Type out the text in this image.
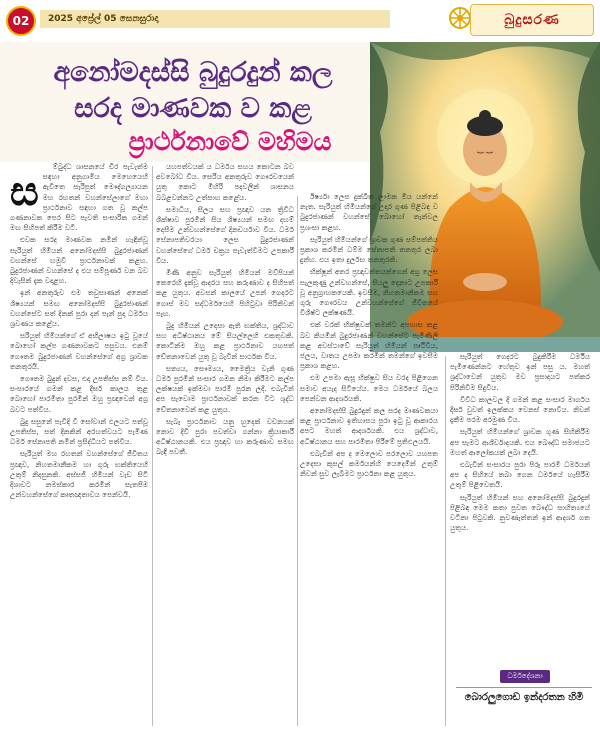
02	2025 අප්‍රේල් 05 සෙනසුරාදා	බුදුසරණ
අනෝමදස්සි බුදුරදුන් කල
සරද මාණවක ව කළ
ප්‍රාර්ථනාවේ මහිමය
ස

ම්බුද්ධ ශාසනයේ චිර පැවැත්ම සඳහා අනුගාමිය මෙහෙයෙහි ඇවිතෙ සැරිපුත් මෞද්ගල්‍යායන මහ රහතන් වහන්සේලාගේ මහා ප්‍රාර්ථනාව සඳහා ගත වූ කල්ප ගණනාවක පෙර සිට පැවති සංසාරික ගමන් මඟ සිහිපත් කිරීම වටී.

එවක සරද මාණවක නමින් හැඳින්වූ සැරියුත් හිමියන් අනෝමදස්සි බුදුරජාණන් වහන්සේ හමුවී ප්‍රාර්ථනාවක් කළහ. බුදුරජාණන් වහන්සේ ද එය සම්පූර්ණ වන බව දිවැසින් දැක වදාළහ.

ඉන් අනතුරුව එම තවුසාණන් අනෙක් ශිෂ්‍යයන් සමඟ අනෝමදස්සි බුදුරජාණන් වහන්සේට සත් දිනක් පුරා දන් පැන් පුදා ධර්මය ශ්‍රවණය කළේය.

සරියුත් හිමියන්ගේ ඒ අභිලාෂය ඉටු වූයේ බොහෝ කල්ප ගණනාවකට පසුවය. එනම් ගෞතම බුදුරජාණන් වහන්සේගේ අග්‍ර ශ්‍රාවක තනතුරයි.

ගෞතම බුදුන් දවස, එදා උපතිස්ස නම් විය. සංසාරයේ ගමන් කළ දීර්ඝ කාලය තුළ බොහෝ පාරමිතා පුරමින් ඔහු ප්‍රඥාවෙන් අග්‍ර බවට පත්විය.

බුදු සසුනේ පැවිදි වී සෝවාන් ඵලයට පත්වූ උපතිස්ස, සත් දිනකින් අරහත්වයට පැමිණ ධර්ම සේනාපති නමින් ප්‍රසිද්ධියට පත්විය.

සැරියුත් මහ රහතන් වහන්සේගේ ජීවිතය ප්‍රඥාව, නිහතමානීකම හා ගුරු භක්තියෙහි උතුම් නිදසුනකි. අස්සජි හිමියන් වැඩ සිටි දිශාවට නමස්කාර කරමින් සැතපීම උන්වහන්සේගේ කෘතඥතාවය පෙන්වයි.

යහපත්වයක් ය ධර්මය සහය කොටන බව අවබෝධ විය. සෙරිය අනතුරුව ගෞරවයෙන් යුතු කොට මිහිරි පදවලින් ශාසනය බබළවන්නට උත්සාහ කළේය.

සමාධිය, සීලය සහ ප්‍රඥාව යන ත්‍රිවිධ ශික්ෂාව පුරමින් සිය ශිෂ්‍යයන් සමඟ දහම් දෙසීම උන්වහන්සේගේ දිනචර්යාව විය. ධර්ම සේනාපතිවරයා ලෙස බුදුරජාණන් වහන්සේගේ ධර්ම චක්‍රය පැවැත්වීමට උපකාරී විය.

මිණි අනුව සැරියුත් හිමියන් මව්පියන් කෙරෙහි දැක්වූ ආදරය සහ කරුණාව ද සිහිපත් කළ යුතුය. අවසන් කාලයේ උපන් ගෙදරට ගොස් මව සද්ධර්මයෙහි පිහිටුවා පිරිනිවන් පෑහ.

බුදු හිමියන් උදෙසා ඇති භක්තිය, ශ්‍රද්ධාව සහ අධිෂ්ඨානය මේ සියල්ලෙහි එකතුවකි. කොටින්ම ඔහු කළ ප්‍රාර්ථනාව යහපත් චේතනාවෙන් යුතු වූ බැවින් සාර්ථක විය.

සත්‍යය, සෞම්‍යය, මෛත්‍රිය වැනි ගුණ ධර්ම පුරමින් සංසාර ගමන නිමා කිරීමට කල්ප ලක්ෂයක් ඉක්මවා පාරමී පුරන ලදී. එබැවින් අප සැවොම ප්‍රාර්ථනාවක් කරන විට ශුද්ධ චේතනාවෙන් කළ යුතුය.

සැබෑ ප්‍රාර්ථනාව යනු හුදෙක් වචනයක් නොව දිවි පුරා පවත්වා ගන්නා ක්‍රියාකාරී අධිෂ්ඨානයකි. එය ප්‍රඥාව හා කරුණාව සමඟ බැඳී පවතී.

ඊර්ෂ්‍යා ලෙස දුක්ඛිත ලාමක මිය යන්නේ නැත. සැරියුත් හිමියන්ගේ උදාර ගුණ පිළිබඳ ව බුදුරජාණන් වහන්සේ බොහෝ තැන්වල ප්‍රශංසා කළහ.

සැරියුත් හිමියන්ගේ ශ්‍රාවක ගුණ සම්පත්තිය ප්‍රකාශ කරමින් ධම්ම සේනාපති තනතුර ලබා දුන්හ. එය ඉතා දුර්ලභ තනතුරකි.

භික්ෂූන් අතර ප්‍රඥාවන්තයන්ගෙන් අග්‍ර ලෙස සැලකුණු උන්වහන්සේ, සියලු දෙනාට උපකාරී වූ අනුග්‍රාහකයෙකි. ඉවසීම, නිහතමානීකම සහ ගුරු ගෞරවය උන්වහන්සේගේ ජීවිතයේ විශිෂ්ට ලක්ෂණයි.

එක් වරක් භික්ෂුවක් තමන්ට අපහාස කළ බව කියමින් බුදුරජාණන් වහන්සේට පැමිණිලි කළ අවස්ථාවේ සැරියුත් හිමියන් පෘථිවිය, ජලය, වාතය උපමා කරමින් තමන්ගේ ඉවසීම ප්‍රකාශ කළහ.

එම උපමා ඇසූ භික්ෂුව සිය වරද පිළිගෙන සමාව අයැද සිටියේය. මෙය ධර්මයේ බලය පෙන්වන ආදර්ශයකි.

අනෝමදස්සි බුදුරදුන් කල සරද මාණවකයා කළ ප්‍රාර්ථනාව ඉතිහාසය පුරා ඉටු වූ ආකාරය අපට මහත් ආදර්ශයකි. එය ශ්‍රද්ධාව, අධිෂ්ඨානය සහ පාරමිතා පිරීමේ ප්‍රතිඵලයයි.

එබැවින් අප ද මෙලොව පරලොව යහපත උදෙසා කුසල් කර්මයන්හි යෙදෙමින් උතුම් නිවන් සුව ලැබීමට ප්‍රාර්ථනා කළ යුතුය.

සැරියුත් ගෙදරට බුදුකිරීම ධර්මිය පැමිණෙන්නට හේතුව ඉන් පසු ය. මහත් ශ්‍රද්ධාවෙන් යුතුව මව ප්‍රසාදයට පත්කර පිරිනිවීම සිදුවිය.

විවිධ කාලවල දී ගමන් කළ සංසාර මාර්ගය දීර්ඝ වුවත් ඉලක්කය වෙනස් නොවීය. නිවන් දැකීම පරම අරමුණ විය.

සැරියුත් හිමියන්ගේ ශ්‍රාවක ගුණ සිහිකිරීම අප සැමට ආශීර්වාදයකි. එය බෞද්ධ සමාජයට මහත් ආලෝකයක් ලබා දෙයි.

එබැවින් සංසාරය පුරා පිරූ පාරමී ධර්මයන් අප ද සිහියේ තබා ගෙන ධර්මයේ හැසිරීම උතුම් පිළිවෙතයි.

සැරියුත් හිමියන් සහ අනෝමදස්සි බුදුරදුන් පිළිබඳ මෙම කතා පුවත බෞද්ධ සාහිත්‍යයේ වටිනා පිටුවකි. නුවණැත්තන් ඉන් ආදර්ශ ගත යුතුය.

ධර්මදේශනා
බොරලුගොඩ ඉන්දරතන හිමි
